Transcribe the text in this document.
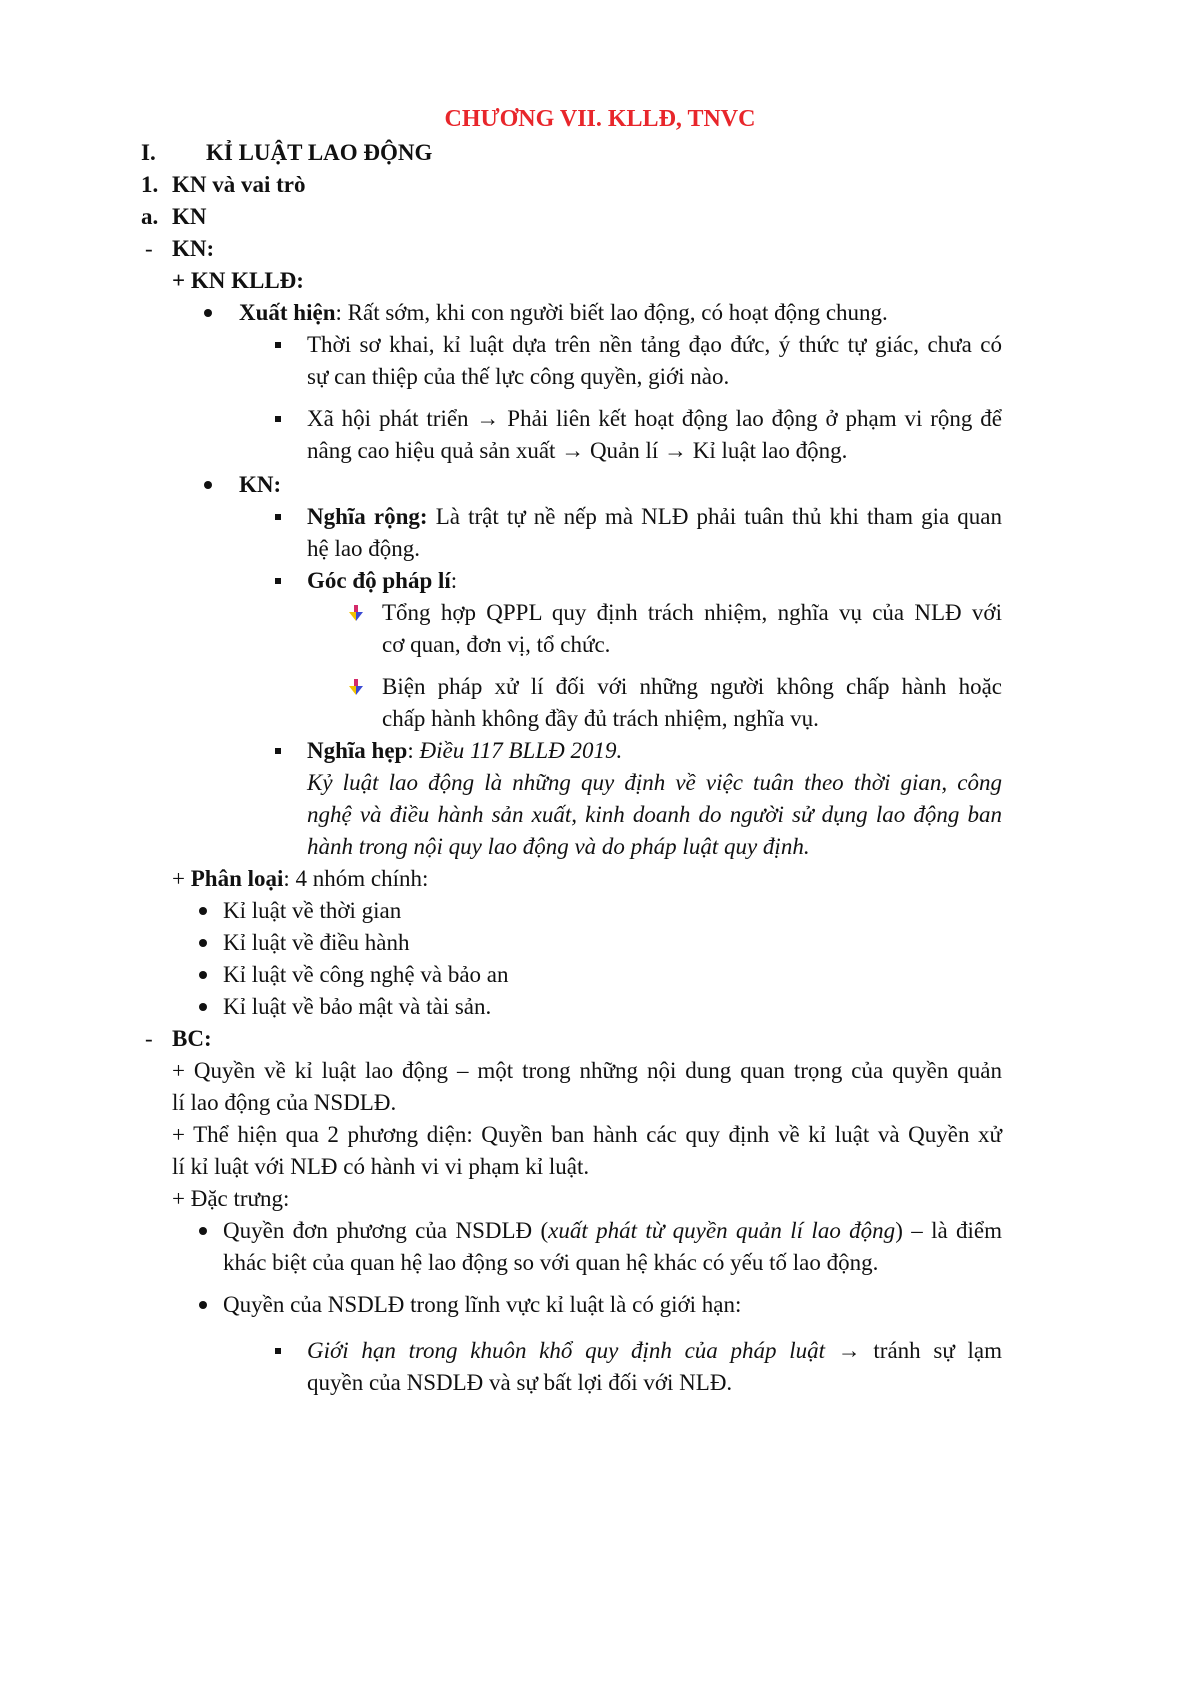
CHƯƠNG VII. KLLĐ, TNVC
I. KỈ LUẬT LAO ĐỘNG
1. KN và vai trò
a. KN
- KN:
+ KN KLLĐ:
Xuất hiện: Rất sớm, khi con người biết lao động, có hoạt động chung.
Thời sơ khai, kỉ luật dựa trên nền tảng đạo đức, ý thức tự giác, chưa có
sự can thiệp của thế lực công quyền, giới nào.
Xã hội phát triển → Phải liên kết hoạt động lao động ở phạm vi rộng để
nâng cao hiệu quả sản xuất → Quản lí → Kỉ luật lao động.
KN:
Nghĩa rộng: Là trật tự nề nếp mà NLĐ phải tuân thủ khi tham gia quan
hệ lao động.
Góc độ pháp lí:
Tổng hợp QPPL quy định trách nhiệm, nghĩa vụ của NLĐ với
cơ quan, đơn vị, tổ chức.
Biện pháp xử lí đối với những người không chấp hành hoặc
chấp hành không đầy đủ trách nhiệm, nghĩa vụ.
Nghĩa hẹp: Điều 117 BLLĐ 2019.
Kỷ luật lao động là những quy định về việc tuân theo thời gian, công
nghệ và điều hành sản xuất, kinh doanh do người sử dụng lao động ban
hành trong nội quy lao động và do pháp luật quy định.
+ Phân loại: 4 nhóm chính:
Kỉ luật về thời gian
Kỉ luật về điều hành
Kỉ luật về công nghệ và bảo an
Kỉ luật về bảo mật và tài sản.
- BC:
+ Quyền về kỉ luật lao động – một trong những nội dung quan trọng của quyền quản
lí lao động của NSDLĐ.
+ Thể hiện qua 2 phương diện: Quyền ban hành các quy định về kỉ luật và Quyền xử
lí kỉ luật với NLĐ có hành vi vi phạm kỉ luật.
+ Đặc trưng:
Quyền đơn phương của NSDLĐ (xuất phát từ quyền quản lí lao động) – là điểm
khác biệt của quan hệ lao động so với quan hệ khác có yếu tố lao động.
Quyền của NSDLĐ trong lĩnh vực kỉ luật là có giới hạn:
Giới hạn trong khuôn khổ quy định của pháp luật → tránh sự lạm
quyền của NSDLĐ và sự bất lợi đối với NLĐ.
